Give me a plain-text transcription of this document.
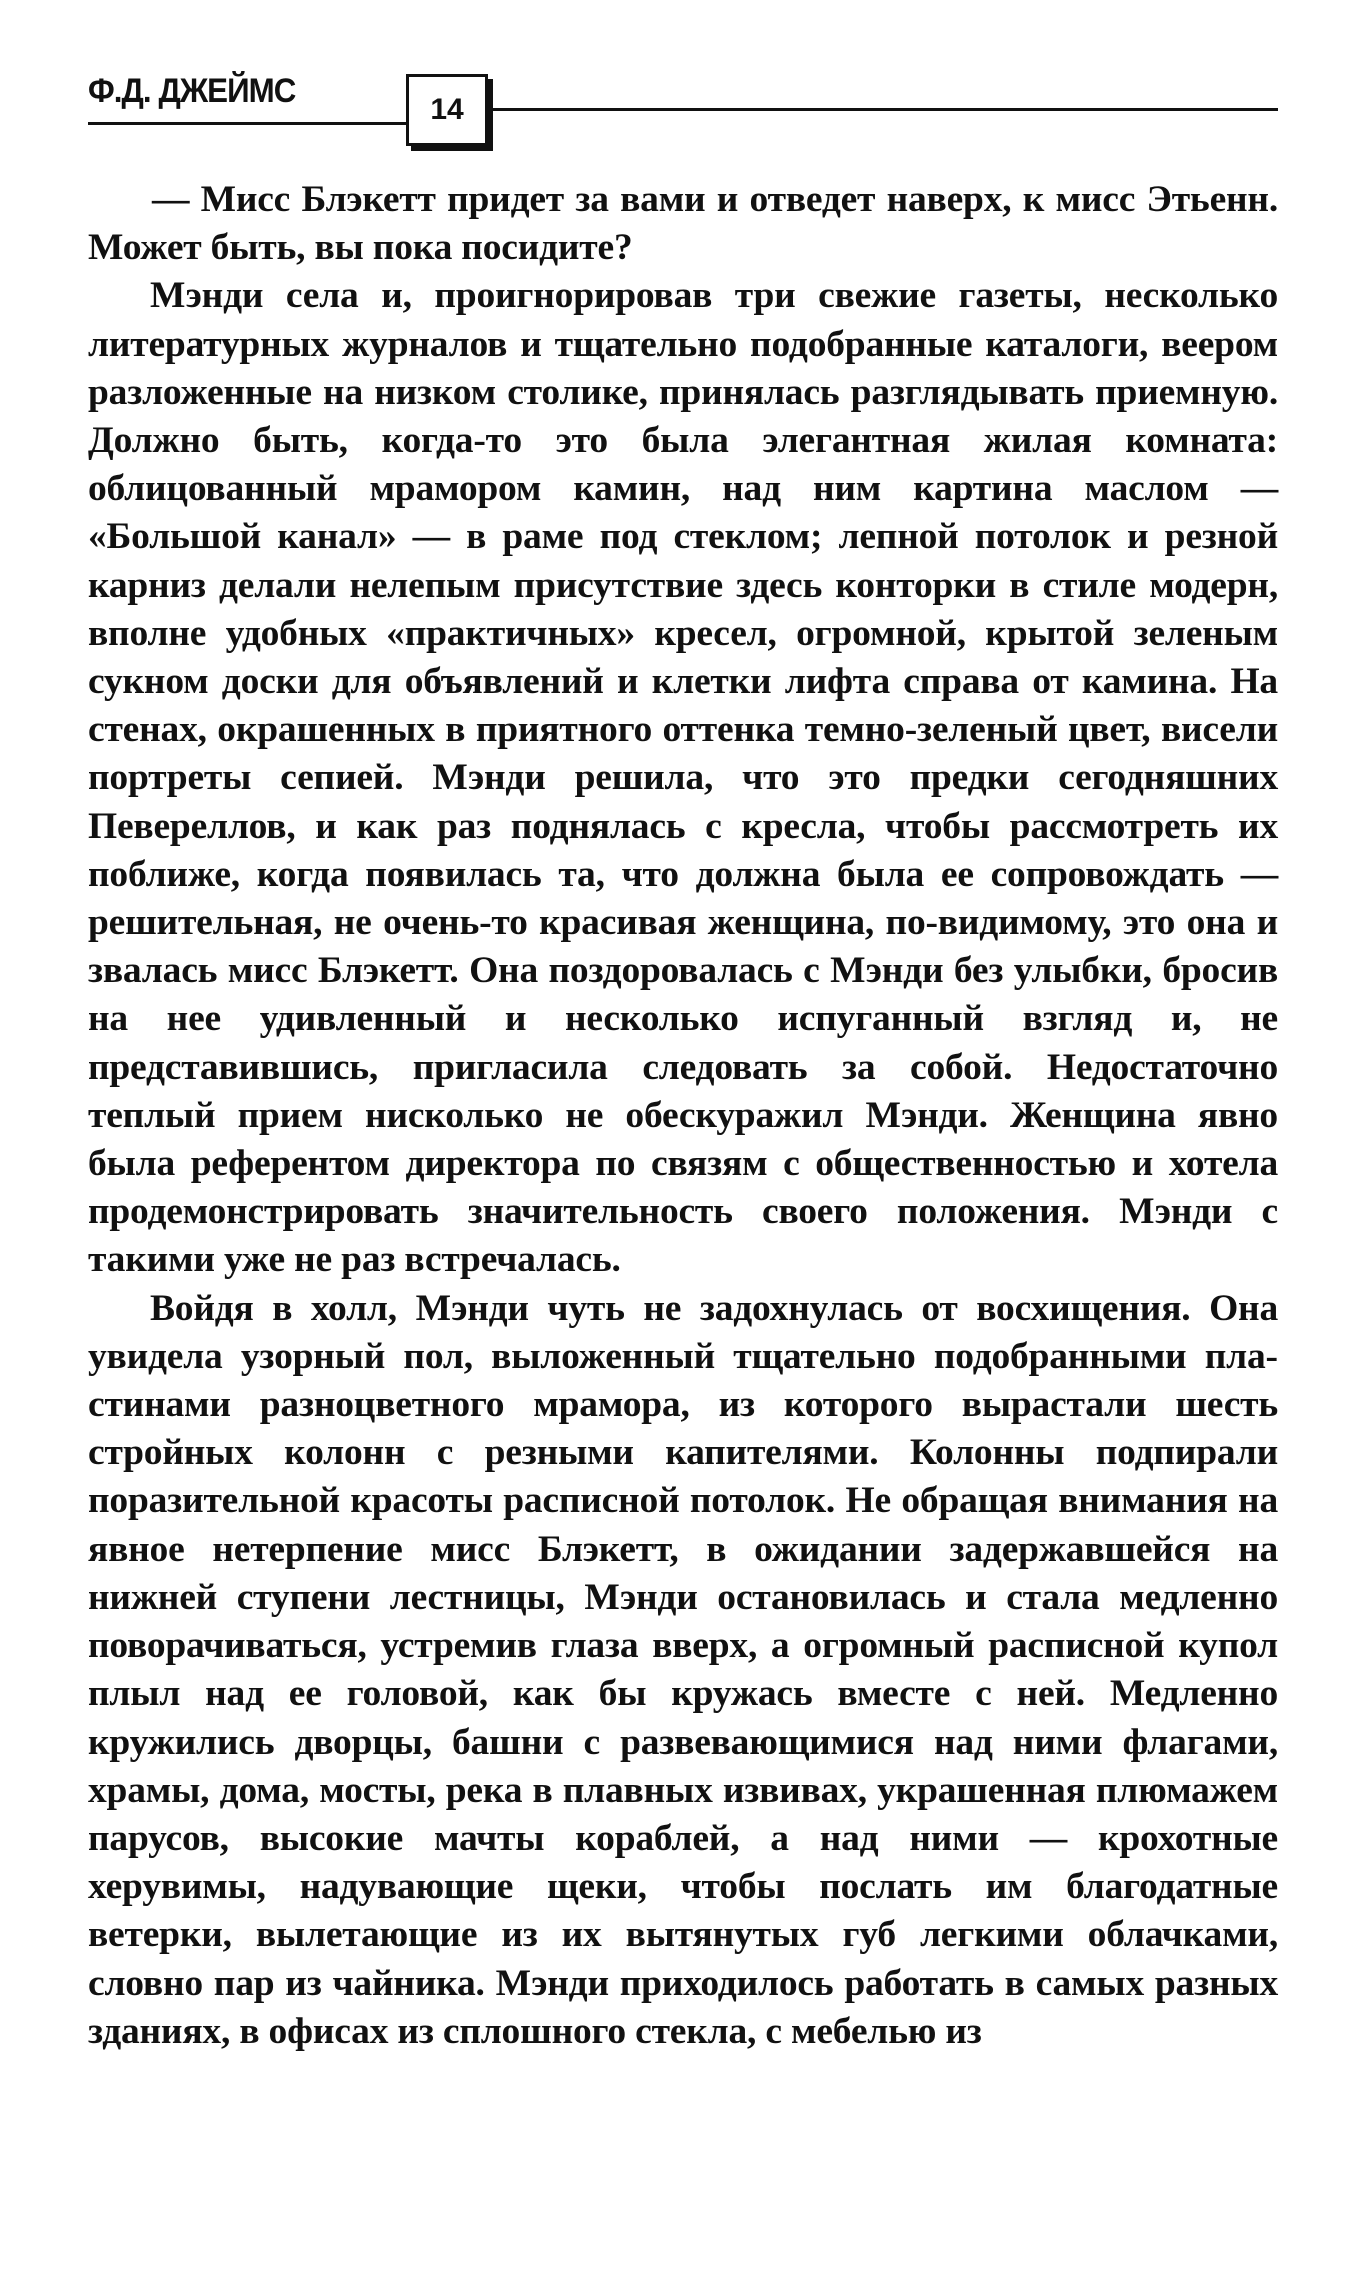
Ф.Д. ДЖЕЙМС	14

— Мисс Блэкетт придет за вами и отведет наверх, к мисс Этьенн. Может быть, вы пока посидите?

Мэнди села и, проигнорировав три свежие газеты, несколько литературных журналов и тщательно подобранные каталоги, веером разложенные на низком столике, принялась разглядывать приемную. Должно быть, когда-то это была элегантная жилая комната: облицованный мрамором камин, над ним картина маслом — «Большой канал» — в раме под стеклом; лепной потолок и резной карниз делали нелепым присутствие здесь конторки в стиле модерн, вполне удобных «практичных» кресел, огромной, крытой зеленым сукном доски для объявлений и клетки лифта справа от камина. На стенах, окрашенных в приятного оттенка темно-зеленый цвет, висели портреты сепией. Мэнди решила, что это предки сегодняшних Певереллов, и как раз поднялась с кресла, чтобы рассмотреть их поближе, когда появилась та, что должна была ее сопровождать — решительная, не очень-то красивая женщина, по-видимому, это она и звалась мисс Блэкетт. Она поздоровалась с Мэнди без улыбки, бросив на нее удивленный и несколько испуганный взгляд и, не представившись, пригласила следовать за собой. Недостаточно теплый прием нисколько не обескуражил Мэнди. Женщина явно была референтом директора по связям с общественностью и хотела продемонстрировать значительность своего положения. Мэнди с такими уже не раз встречалась.

Войдя в холл, Мэнди чуть не задохнулась от восхищения. Она увидела узорный пол, выложенный тщательно подобранными пластинами разноцветного мрамора, из которого вырастали шесть стройных колонн с резными капителями. Колонны подпирали поразительной красоты расписной потолок. Не обращая внимания на явное нетерпение мисс Блэкетт, в ожидании задержавшейся на нижней ступени лестницы, Мэнди остановилась и стала медленно поворачиваться, устремив глаза вверх, а огромный расписной купол плыл над ее головой, как бы кружась вместе с ней. Медленно кружились дворцы, башни с развевающимися над ними флагами, храмы, дома, мосты, река в плавных извивах, украшенная плюмажем парусов, высокие мачты кораблей, а над ними — крохотные херувимы, надувающие щеки, чтобы послать им благодатные ветерки, вылетающие из их вытянутых губ легкими облачками, словно пар из чайника. Мэнди приходилось работать в самых разных зданиях, в офисах из сплошного стекла, с мебелью из
